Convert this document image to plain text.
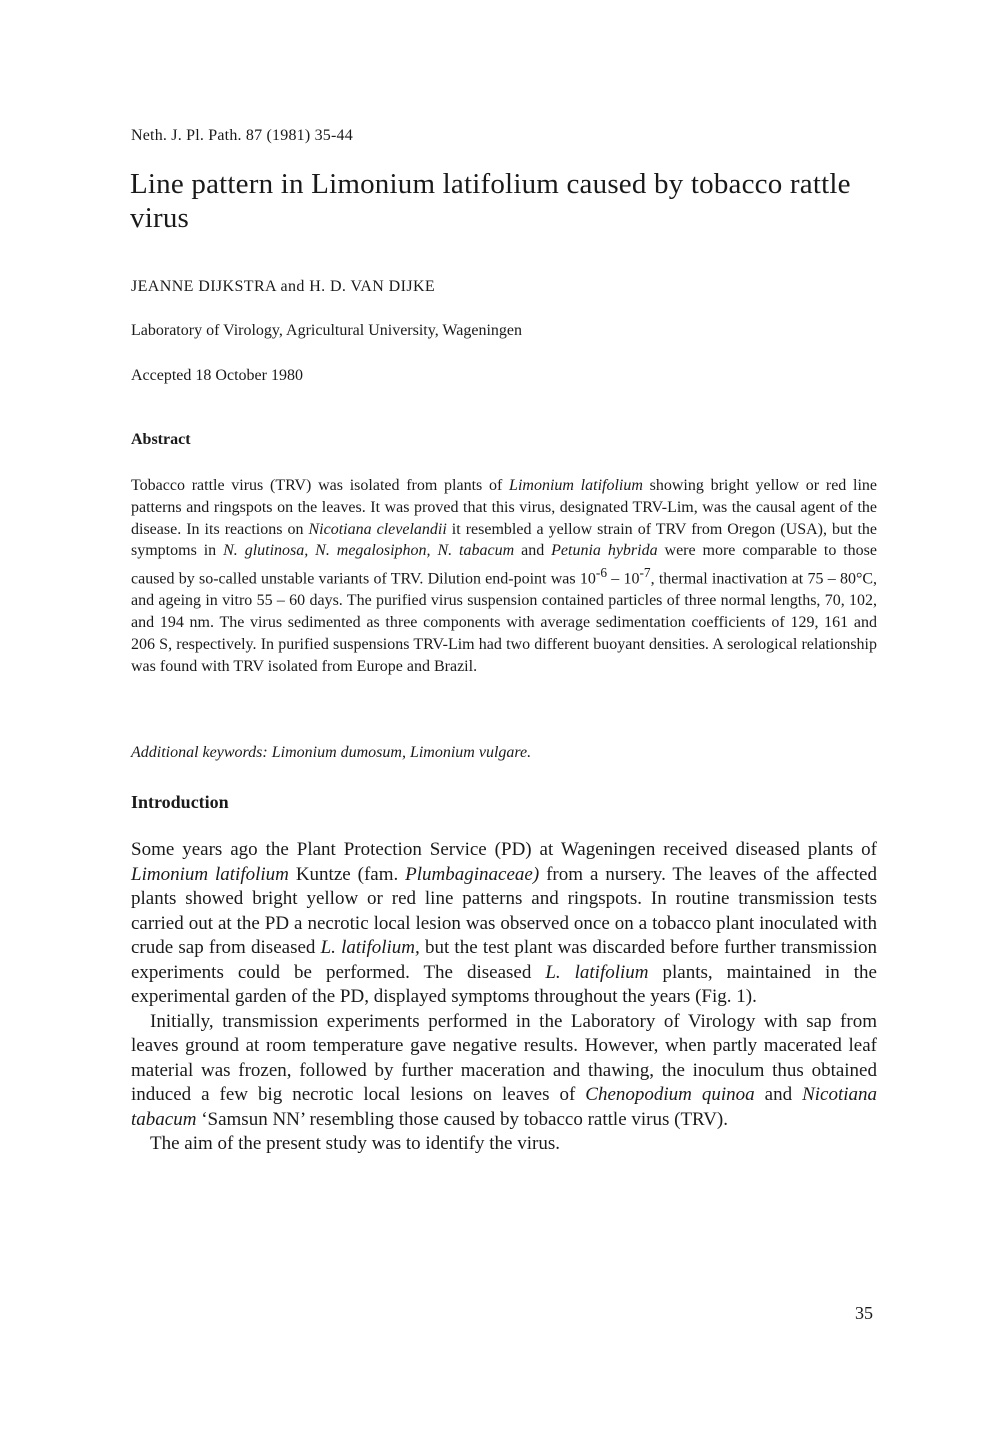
Neth. J. Pl. Path. 87 (1981) 35-44
Line pattern in Limonium latifolium caused by tobacco rattle virus
JEANNE DIJKSTRA and H. D. VAN DIJKE
Laboratory of Virology, Agricultural University, Wageningen
Accepted 18 October 1980
Abstract

Tobacco rattle virus (TRV) was isolated from plants of Limonium latifolium showing bright yellow or red line patterns and ringspots on the leaves. It was proved that this virus, designated TRV-Lim, was the causal agent of the disease. In its reactions on Nicotiana clevelandii it resembled a yellow strain of TRV from Oregon (USA), but the symptoms in N. glutinosa, N. megalosiphon, N. tabacum and Petunia hybrida were more comparable to those caused by so-called unstable variants of TRV. Dilution end-point was $10^{-6} - 10^{-7}$, thermal inactivation at 75 – 80°C, and ageing in vitro 55 – 60 days. The purified virus suspension contained particles of three normal lengths, 70, 102, and 194 nm. The virus sedimented as three components with average sedimentation coefficients of 129, 161 and 206 S, respectively. In purified suspensions TRV-Lim had two different buoyant densities. A serological relationship was found with TRV isolated from Europe and Brazil.

Additional keywords: Limonium dumosum, Limonium vulgare.

Introduction

Some years ago the Plant Protection Service (PD) at Wageningen received diseased plants of Limonium latifolium Kuntze (fam. Plumbaginaceae) from a nursery. The leaves of the affected plants showed bright yellow or red line patterns and ringspots. In routine transmission tests carried out at the PD a necrotic local lesion was observed once on a tobacco plant inoculated with crude sap from diseased L. latifolium, but the test plant was discarded before further transmission experiments could be performed. The diseased L. latifolium plants, maintained in the experimental garden of the PD, displayed symptoms throughout the years (Fig. 1).

Initially, transmission experiments performed in the Laboratory of Virology with sap from leaves ground at room temperature gave negative results. However, when partly macerated leaf material was frozen, followed by further maceration and thawing, the inoculum thus obtained induced a few big necrotic local lesions on leaves of Chenopodium quinoa and Nicotiana tabacum ‘Samsun NN’ resembling those caused by tobacco rattle virus (TRV).

The aim of the present study was to identify the virus.

35
